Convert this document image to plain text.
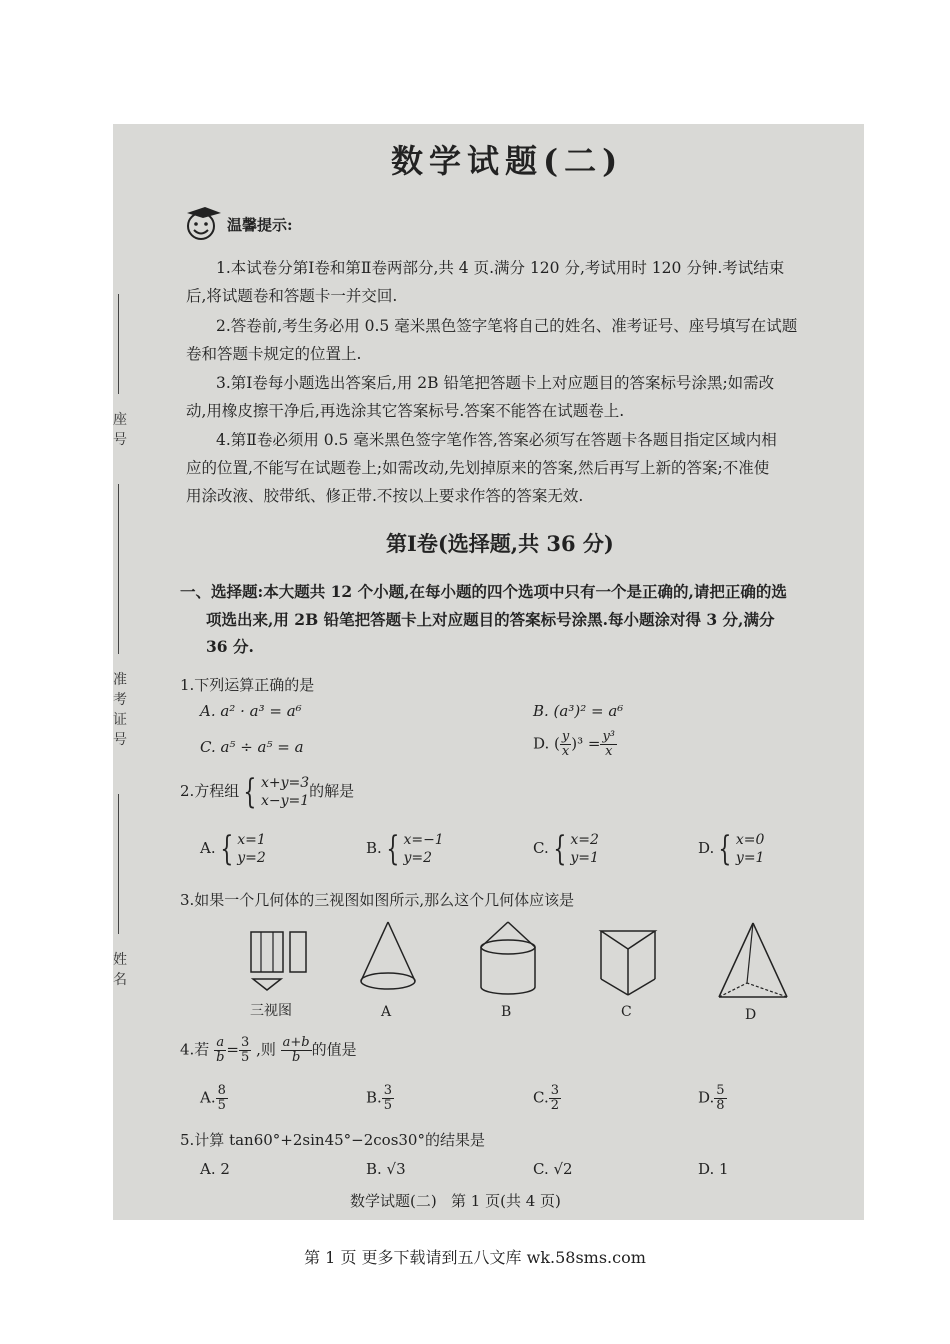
数学试题(二)
温馨提示:
1.本试卷分第Ⅰ卷和第Ⅱ卷两部分,共 4 页.满分 120 分,考试用时 120 分钟.考试结束
后,将试题卷和答题卡一并交回.
2.答卷前,考生务必用 0.5 毫米黑色签字笔将自己的姓名、准考证号、座号填写在试题
卷和答题卡规定的位置上.
3.第Ⅰ卷每小题选出答案后,用 2B 铅笔把答题卡上对应题目的答案标号涂黑;如需改
动,用橡皮擦干净后,再选涂其它答案标号.答案不能答在试题卷上.
4.第Ⅱ卷必须用 0.5 毫米黑色签字笔作答,答案必须写在答题卡各题目指定区域内相
应的位置,不能写在试题卷上;如需改动,先划掉原来的答案,然后再写上新的答案;不准使
用涂改液、胶带纸、修正带.不按以上要求作答的答案无效.
第Ⅰ卷(选择题,共 36 分)
一、选择题:本大题共 12 个小题,在每小题的四个选项中只有一个是正确的,请把正确的选
项选出来,用 2B 铅笔把答题卡上对应题目的答案标号涂黑.每小题涂对得 3 分,满分
36 分.
1.下列运算正确的是
A. a² · a³ = a⁶	B. (a³)² = a⁶
C. a⁵ ÷ a⁵ = a	D. ( $\frac{y}{x} )^3 = \frac{\text{y³}}{x}$
2.方程组 { x+y=3
x−y=1
的解是
A. { x=1
y=2
B. { x=−1
y=2
C. { x=2
y=1
D. { x=0
y=1
3.如果一个几何体的三视图如图所示,那么这个几何体应该是
三视图	A	B	C	D
4.若 $\frac{a}{b} = \frac{3}{5}$ ,则 $\frac{a+b}{b}$ 的值是
A. $\frac{8}{5}$	B. $\frac{3}{5}$	C. $\frac{3}{2}$	D. $\frac{5}{8}$
5.计算 tan60°+2sin45°−2cos30°的结果是
A. 2	B. √3	C. √2	D. 1
数学试题(二)   第 1 页(共 4 页)
座
号
准
考
证
号
姓
名
第 1 页 更多下载请到五八文库 wk.58sms.com
